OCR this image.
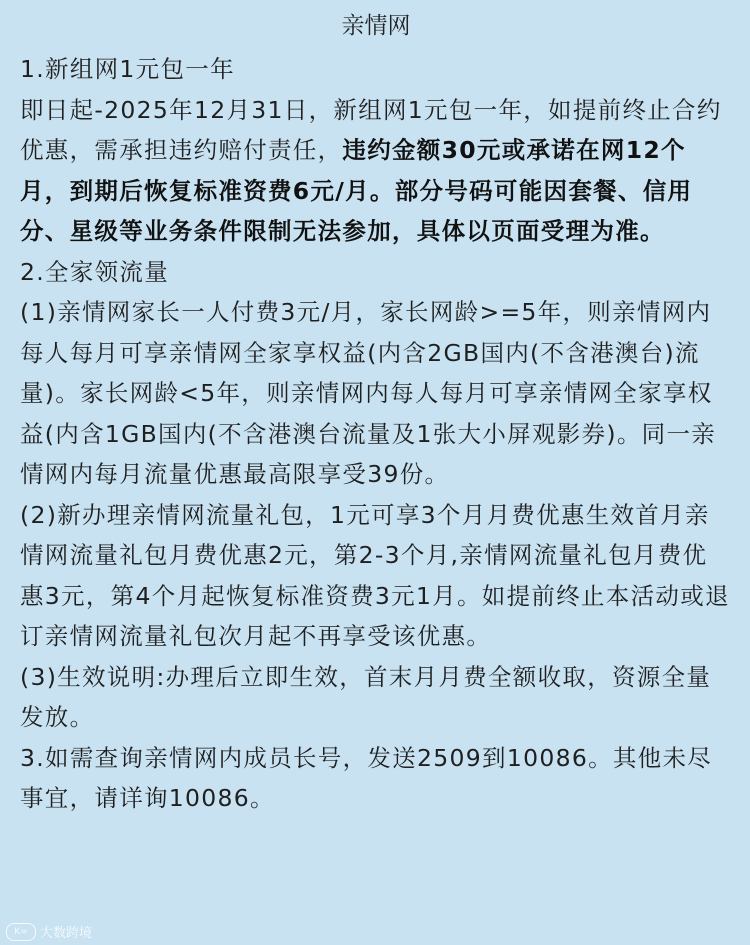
亲情网

1.新组网1元包一年

即日起-2025年12月31日，新组网1元包一年，如提前终止合约优惠，需承担违约赔付责任，违约金额30元或承诺在网12个月，到期后恢复标准资费6元/月。部分号码可能因套餐、信用分、星级等业务条件限制无法参加，具体以页面受理为准。

2.全家领流量

(1)亲情网家长一人付费3元/月，家长网龄>=5年，则亲情网内每人每月可享亲情网全家享权益(内含2GB国内(不含港澳台)流量)。家长网龄<5年，则亲情网内每人每月可享亲情网全家享权益(内含1GB国内(不含港澳台流量及1张大小屏观影券)。同一亲情网内每月流量优惠最高限享受39份。

(2)新办理亲情网流量礼包，1元可享3个月月费优惠生效首月亲情网流量礼包月费优惠2元，第2-3个月,亲情网流量礼包月费优惠3元，第4个月起恢复标准资费3元1月。如提前终止本活动或退订亲情网流量礼包次月起不再享受该优惠。

(3)生效说明:办理后立即生效，首末月月费全额收取，资源全量发放。

3.如需查询亲情网内成员长号，发送2509到10086。其他未尽事宜，请详询10086。

K∞ 大数跨境
